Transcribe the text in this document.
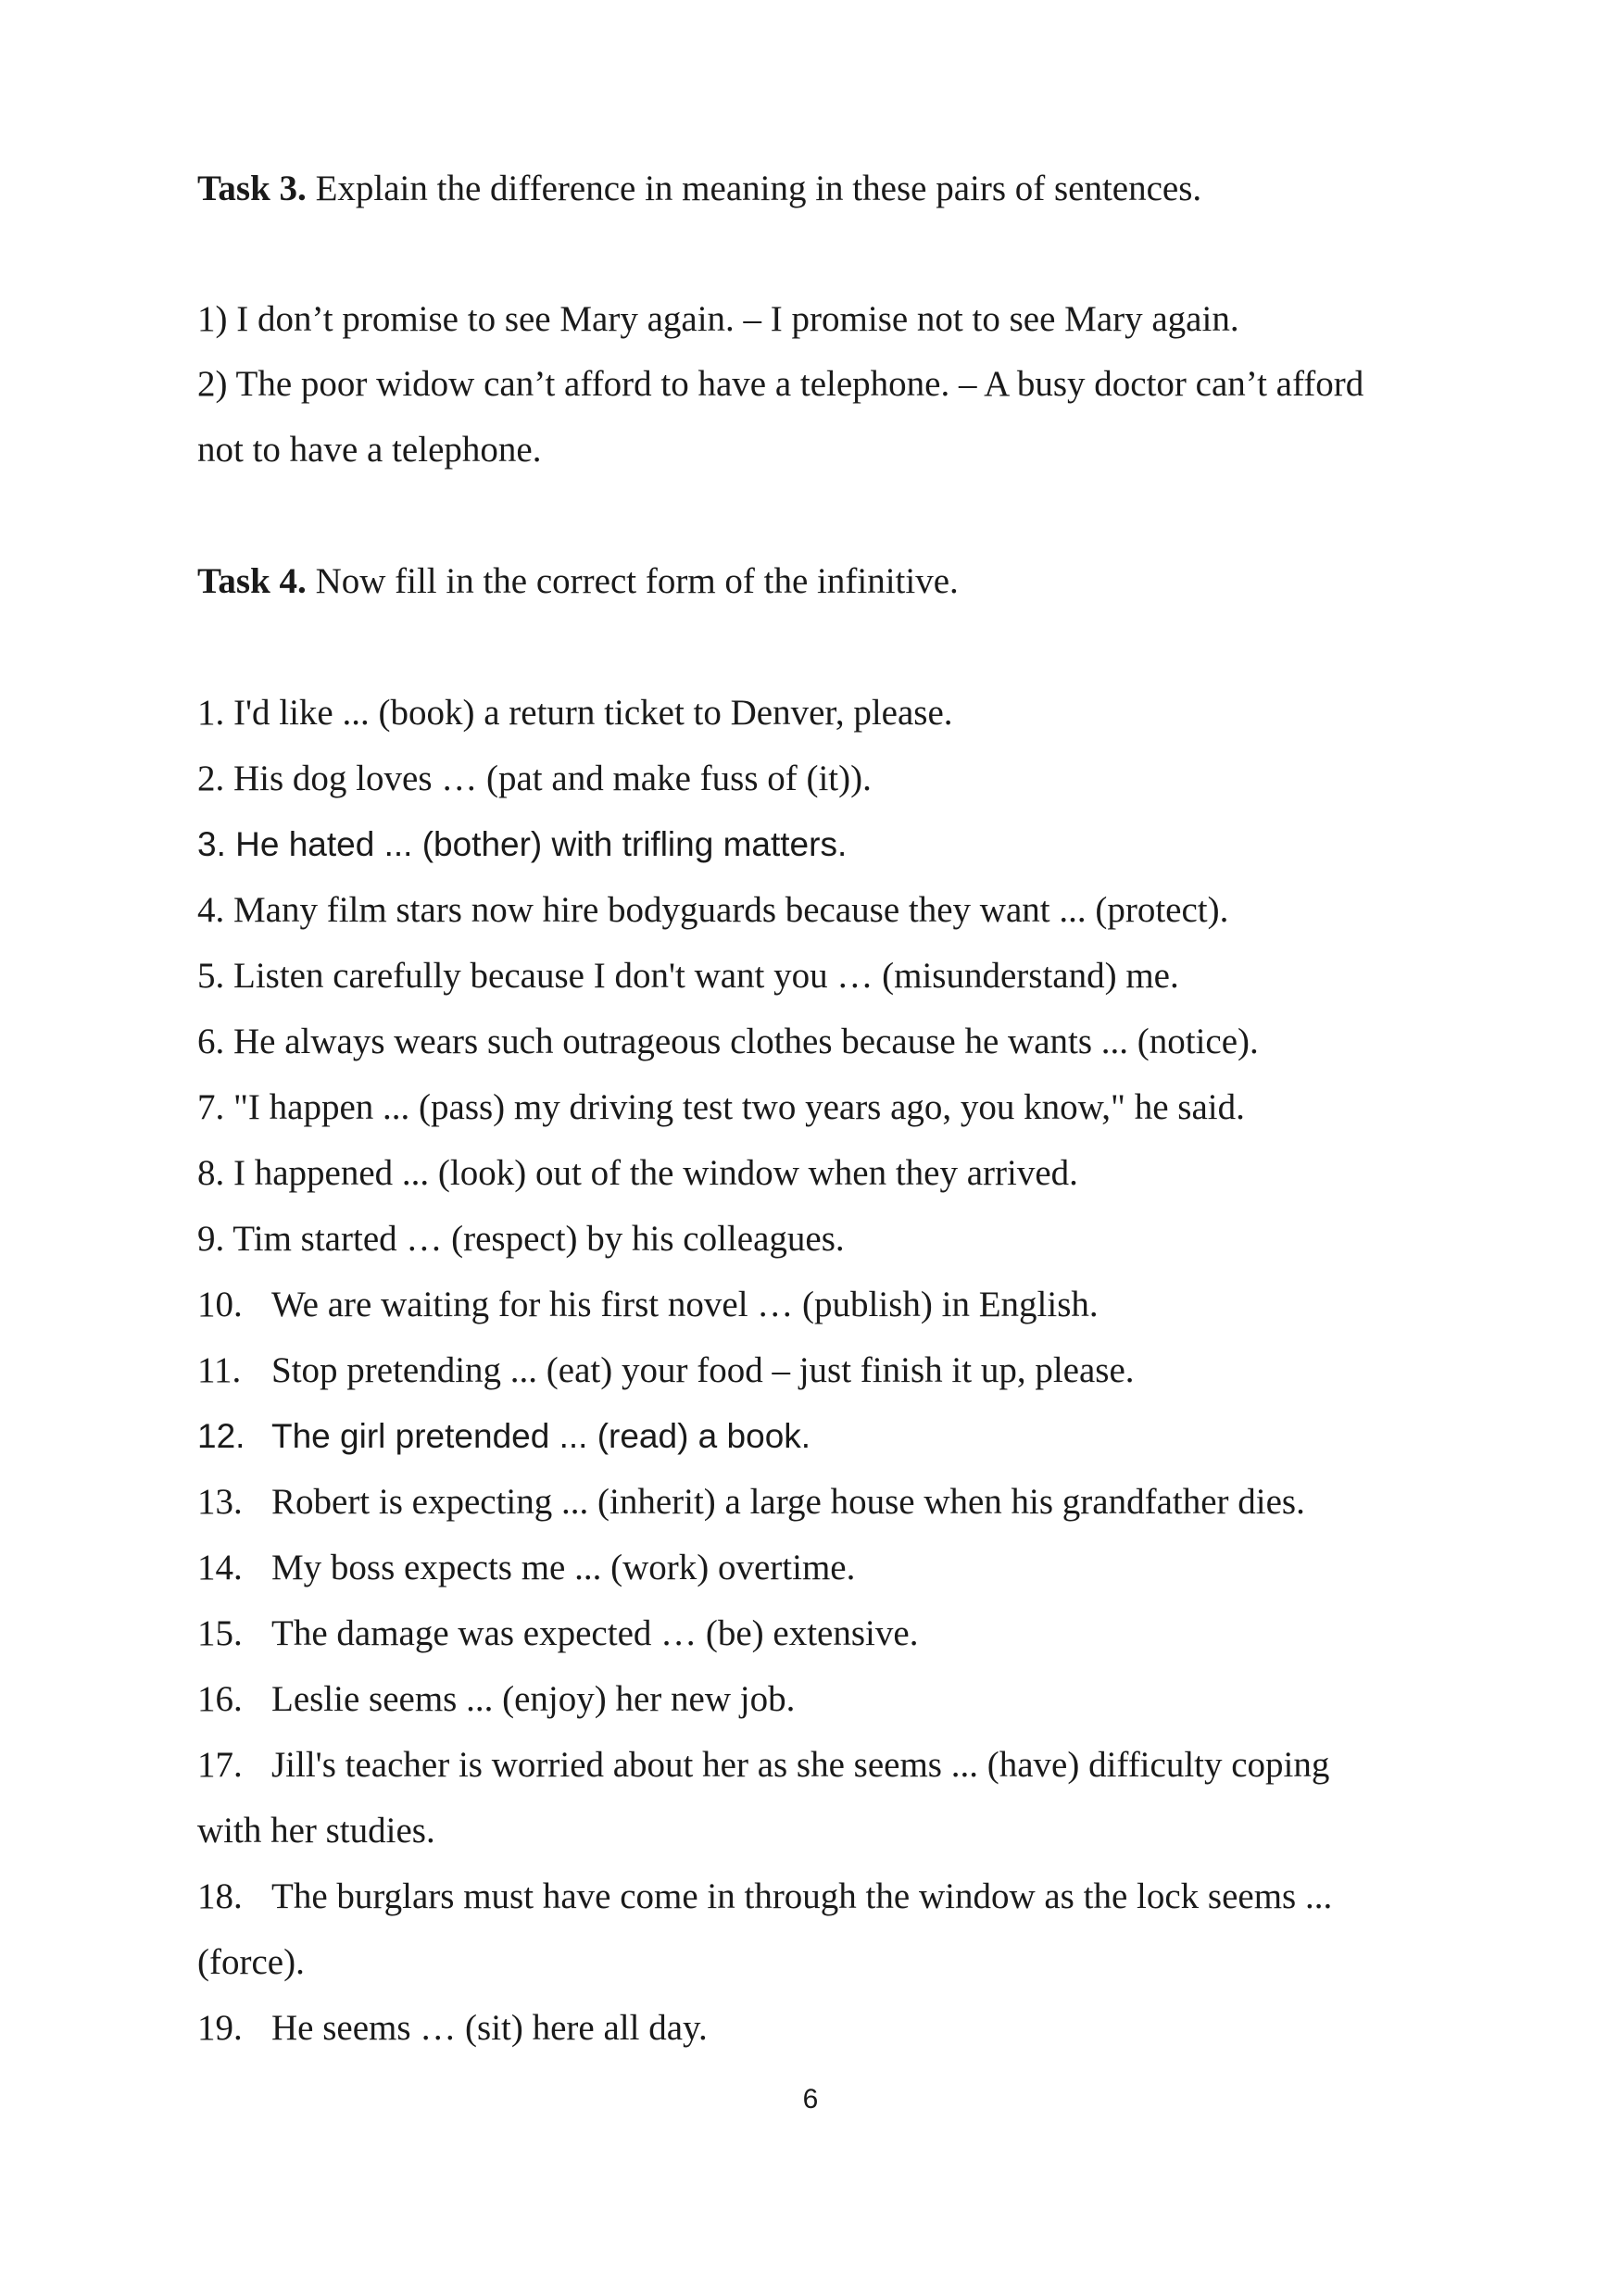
Task 3. Explain the difference in meaning in these pairs of sentences.
1) I don’t promise to see Mary again. – I promise not to see Mary again.
2) The poor widow can’t afford to have a telephone. – A busy doctor can’t afford
not to have a telephone.
Task 4. Now fill in the correct form of the infinitive.
1. I'd like ... (book) a return ticket to Denver, please.
2. His dog loves … (pat and make fuss of (it)).
3. He hated ... (bother) with trifling matters.
4. Many film stars now hire bodyguards because they want ... (protect).
5. Listen carefully because I don't want you … (misunderstand) me.
6. He always wears such outrageous clothes because he wants ... (notice).
7. "I happen ... (pass) my driving test two years ago, you know," he said.
8. I happened ... (look) out of the window when they arrived.
9. Tim started … (respect) by his colleagues.
10. We are waiting for his first novel … (publish) in English.
11. Stop pretending ... (eat) your food – just finish it up, please.
12. The girl pretended ... (read) a book.
13. Robert is expecting ... (inherit) a large house when his grandfather dies.
14. My boss expects me ... (work) overtime.
15. The damage was expected … (be) extensive.
16. Leslie seems ... (enjoy) her new job.
17. Jill's teacher is worried about her as she seems ... (have) difficulty coping
with her studies.
18. The burglars must have come in through the window as the lock seems ...
(force).
19. He seems … (sit) here all day.
6
